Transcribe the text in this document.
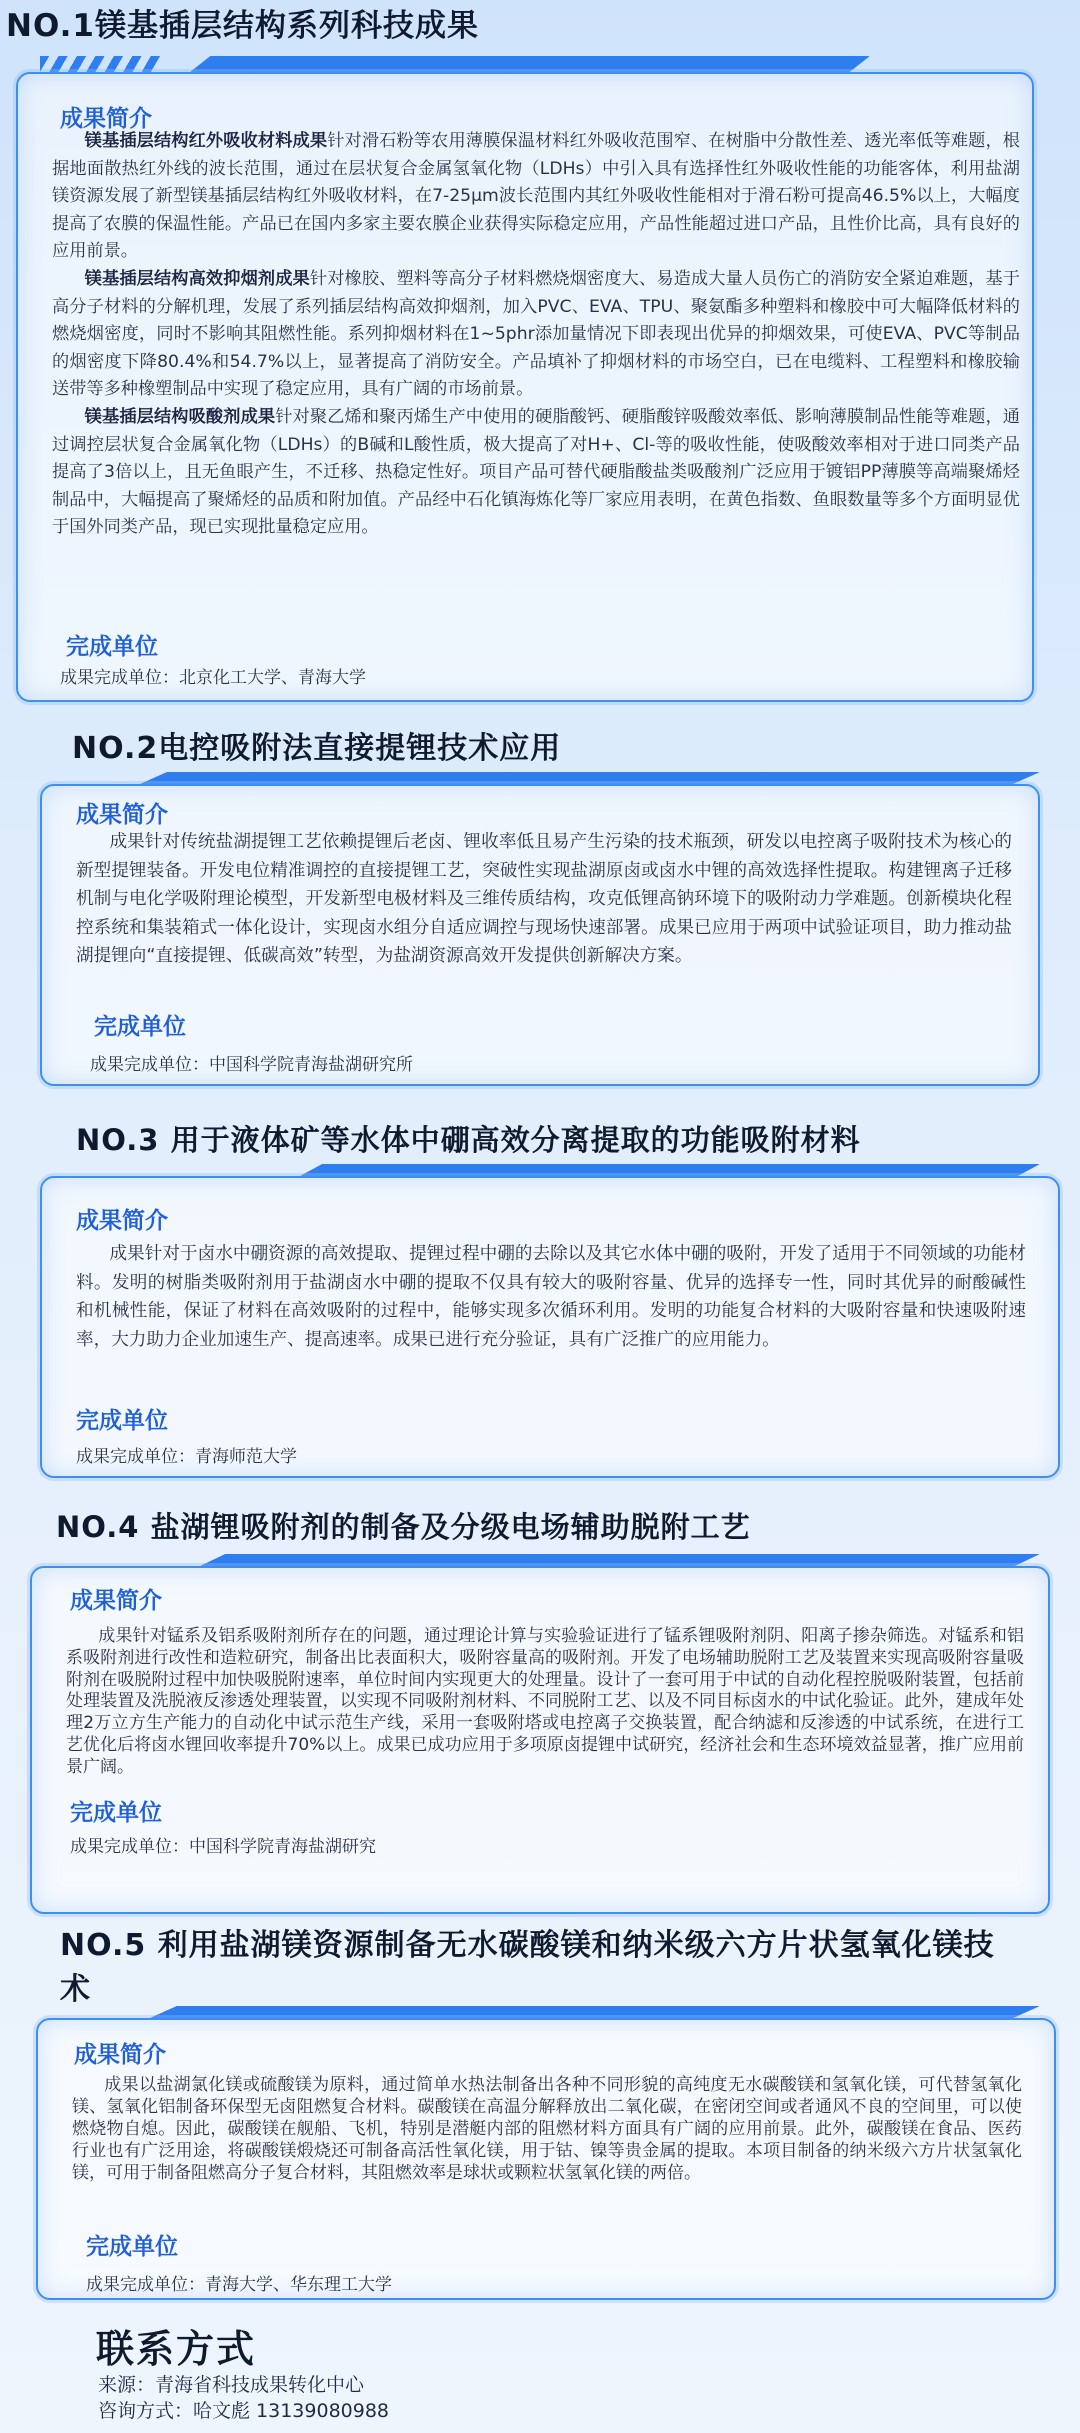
NO.1镁基插层结构系列科技成果
成果简介

镁基插层结构红外吸收材料成果针对滑石粉等农用薄膜保温材料红外吸收范围窄、在树脂中分散性差、透光率低等难题，根据地面散热红外线的波长范围，通过在层状复合金属氢氧化物（LDHs）中引入具有选择性红外吸收性能的功能客体，利用盐湖镁资源发展了新型镁基插层结构红外吸收材料，在7-25μm波长范围内其红外吸收性能相对于滑石粉可提高46.5%以上，大幅度提高了农膜的保温性能。产品已在国内多家主要农膜企业获得实际稳定应用，产品性能超过进口产品，且性价比高，具有良好的应用前景。

镁基插层结构高效抑烟剂成果针对橡胶、塑料等高分子材料燃烧烟密度大、易造成大量人员伤亡的消防安全紧迫难题，基于高分子材料的分解机理，发展了系列插层结构高效抑烟剂，加入PVC、EVA、TPU、聚氨酯多种塑料和橡胶中可大幅降低材料的燃烧烟密度，同时不影响其阻燃性能。系列抑烟材料在1~5phr添加量情况下即表现出优异的抑烟效果，可使EVA、PVC等制品的烟密度下降80.4%和54.7%以上，显著提高了消防安全。产品填补了抑烟材料的市场空白，已在电缆料、工程塑料和橡胶输送带等多种橡塑制品中实现了稳定应用，具有广阔的市场前景。

镁基插层结构吸酸剂成果针对聚乙烯和聚丙烯生产中使用的硬脂酸钙、硬脂酸锌吸酸效率低、影响薄膜制品性能等难题，通过调控层状复合金属氧化物（LDHs）的B碱和L酸性质，极大提高了对H+、Cl-等的吸收性能，使吸酸效率相对于进口同类产品提高了3倍以上，且无鱼眼产生，不迁移、热稳定性好。项目产品可替代硬脂酸盐类吸酸剂广泛应用于镀铝PP薄膜等高端聚烯烃制品中，大幅提高了聚烯烃的品质和附加值。产品经中石化镇海炼化等厂家应用表明，在黄色指数、鱼眼数量等多个方面明显优于国外同类产品，现已实现批量稳定应用。

完成单位
成果完成单位：北京化工大学、青海大学
NO.2电控吸附法直接提锂技术应用
成果简介

成果针对传统盐湖提锂工艺依赖提锂后老卤、锂收率低且易产生污染的技术瓶颈，研发以电控离子吸附技术为核心的新型提锂装备。开发电位精准调控的直接提锂工艺，突破性实现盐湖原卤或卤水中锂的高效选择性提取。构建锂离子迁移机制与电化学吸附理论模型，开发新型电极材料及三维传质结构，攻克低锂高钠环境下的吸附动力学难题。创新模块化程控系统和集装箱式一体化设计，实现卤水组分自适应调控与现场快速部署。成果已应用于两项中试验证项目，助力推动盐湖提锂向“直接提锂、低碳高效”转型，为盐湖资源高效开发提供创新解决方案。

完成单位
成果完成单位：中国科学院青海盐湖研究所
NO.3 用于液体矿等水体中硼高效分离提取的功能吸附材料
成果简介

成果针对于卤水中硼资源的高效提取、提锂过程中硼的去除以及其它水体中硼的吸附，开发了适用于不同领域的功能材料。发明的树脂类吸附剂用于盐湖卤水中硼的提取不仅具有较大的吸附容量、优异的选择专一性，同时其优异的耐酸碱性和机械性能，保证了材料在高效吸附的过程中，能够实现多次循环利用。发明的功能复合材料的大吸附容量和快速吸附速率，大力助力企业加速生产、提高速率。成果已进行充分验证，具有广泛推广的应用能力。

完成单位
成果完成单位：青海师范大学
NO.4 盐湖锂吸附剂的制备及分级电场辅助脱附工艺
成果简介

成果针对锰系及铝系吸附剂所存在的问题，通过理论计算与实验验证进行了锰系锂吸附剂阴、阳离子掺杂筛选。对锰系和铝系吸附剂进行改性和造粒研究，制备出比表面积大，吸附容量高的吸附剂。开发了电场辅助脱附工艺及装置来实现高吸附容量吸附剂在吸脱附过程中加快吸脱附速率，单位时间内实现更大的处理量。设计了一套可用于中试的自动化程控脱吸附装置，包括前处理装置及洗脱液反渗透处理装置，以实现不同吸附剂材料、不同脱附工艺、以及不同目标卤水的中试化验证。此外，建成年处理2万立方生产能力的自动化中试示范生产线，采用一套吸附塔或电控离子交换装置，配合纳滤和反渗透的中试系统，在进行工艺优化后将卤水锂回收率提升70%以上。成果已成功应用于多项原卤提锂中试研究，经济社会和生态环境效益显著，推广应用前景广阔。

完成单位
成果完成单位：中国科学院青海盐湖研究
NO.5 利用盐湖镁资源制备无水碳酸镁和纳米级六方片状氢氧化镁技术
成果简介

成果以盐湖氯化镁或硫酸镁为原料，通过简单水热法制备出各种不同形貌的高纯度无水碳酸镁和氢氧化镁，可代替氢氧化镁、氢氧化铝制备环保型无卤阻燃复合材料。碳酸镁在高温分解释放出二氧化碳，在密闭空间或者通风不良的空间里，可以使燃烧物自熄。因此，碳酸镁在舰船、飞机，特别是潜艇内部的阻燃材料方面具有广阔的应用前景。此外，碳酸镁在食品、医药行业也有广泛用途，将碳酸镁煅烧还可制备高活性氧化镁，用于钴、镍等贵金属的提取。本项目制备的纳米级六方片状氢氧化镁，可用于制备阻燃高分子复合材料，其阻燃效率是球状或颗粒状氢氧化镁的两倍。

完成单位
成果完成单位：青海大学、华东理工大学
联系方式
来源：青海省科技成果转化中心
咨询方式：哈文彪 13139080988
